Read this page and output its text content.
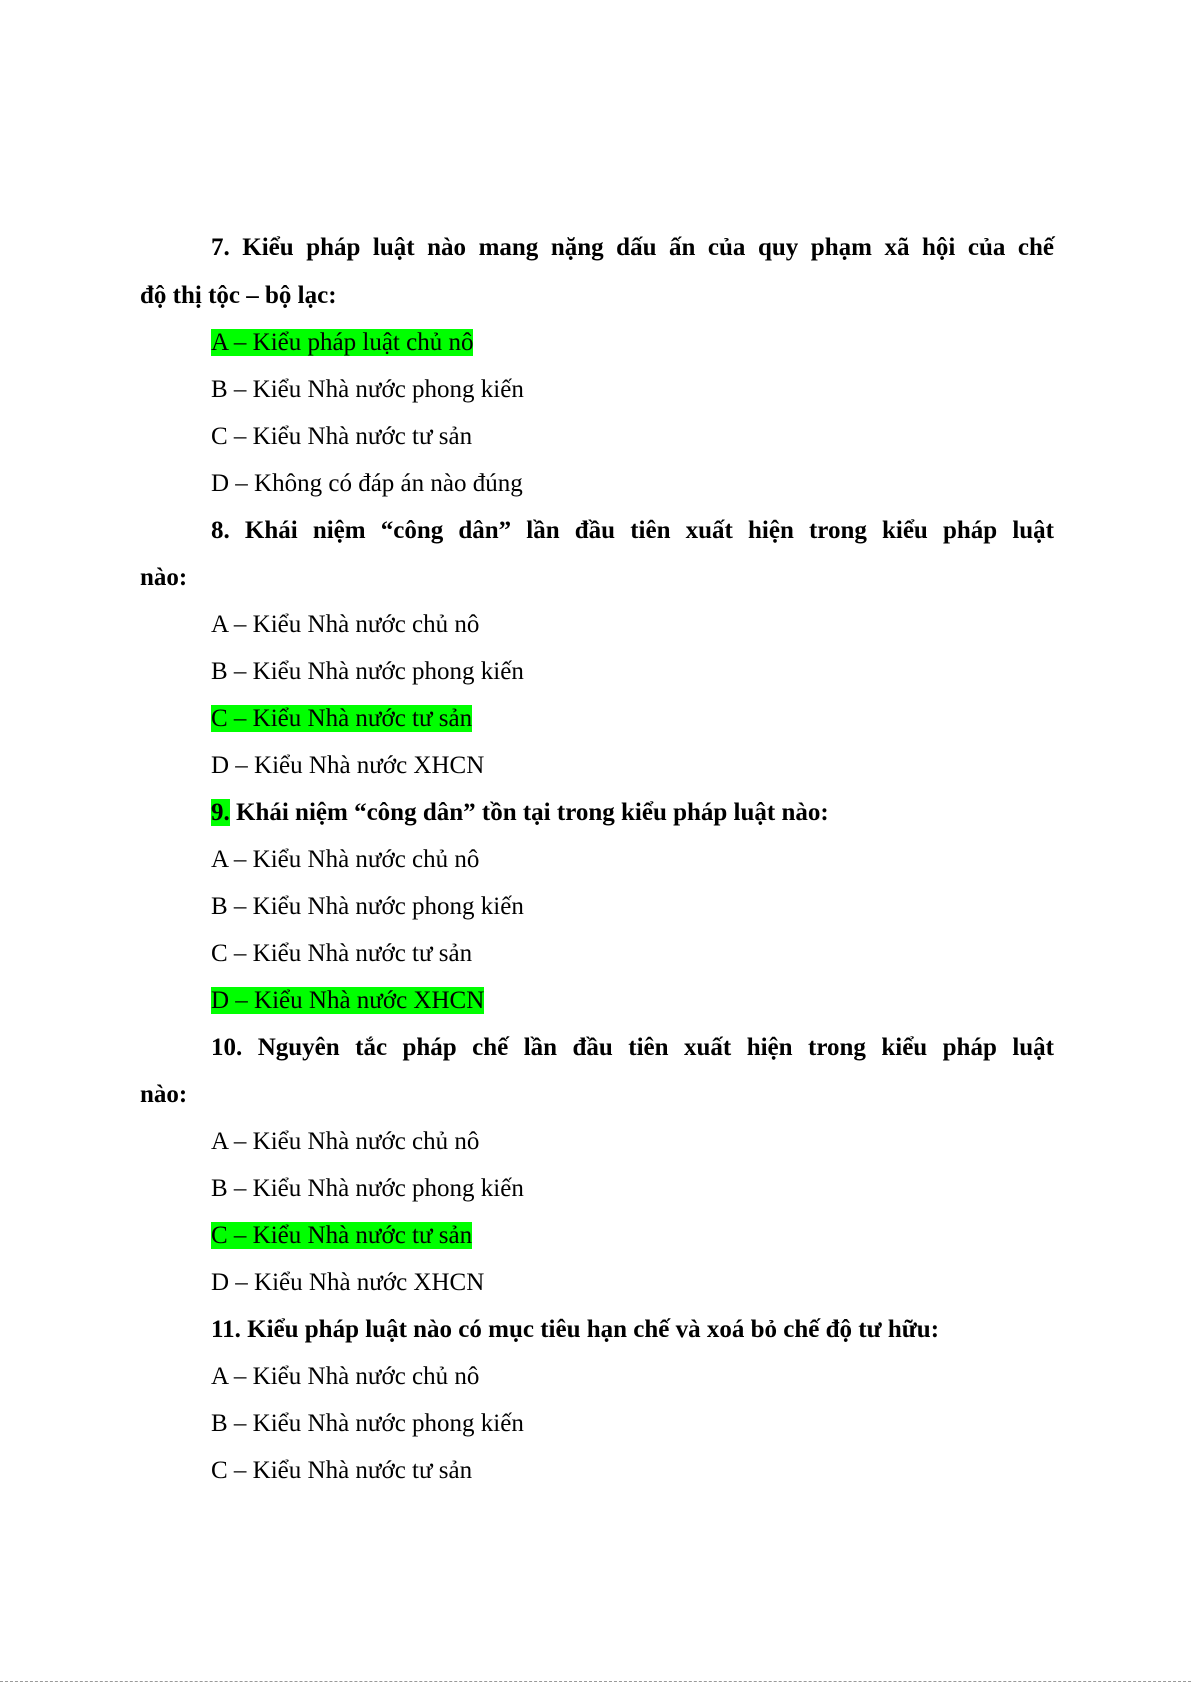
7. Kiểu pháp luật nào mang nặng dấu ấn của quy phạm xã hội của chế
độ thị tộc – bộ lạc:
A – Kiểu pháp luật chủ nô
B – Kiểu Nhà nước phong kiến
C – Kiểu Nhà nước tư sản
D – Không có đáp án nào đúng
8. Khái niệm “công dân” lần đầu tiên xuất hiện trong kiểu pháp luật
nào:
A – Kiểu Nhà nước chủ nô
B – Kiểu Nhà nước phong kiến
C – Kiểu Nhà nước tư sản
D – Kiểu Nhà nước XHCN
9. Khái niệm “công dân” tồn tại trong kiểu pháp luật nào:
A – Kiểu Nhà nước chủ nô
B – Kiểu Nhà nước phong kiến
C – Kiểu Nhà nước tư sản
D – Kiểu Nhà nước XHCN
10. Nguyên tắc pháp chế lần đầu tiên xuất hiện trong kiểu pháp luật
nào:
A – Kiểu Nhà nước chủ nô
B – Kiểu Nhà nước phong kiến
C – Kiểu Nhà nước tư sản
D – Kiểu Nhà nước XHCN
11. Kiểu pháp luật nào có mục tiêu hạn chế và xoá bỏ chế độ tư hữu:
A – Kiểu Nhà nước chủ nô
B – Kiểu Nhà nước phong kiến
C – Kiểu Nhà nước tư sản
